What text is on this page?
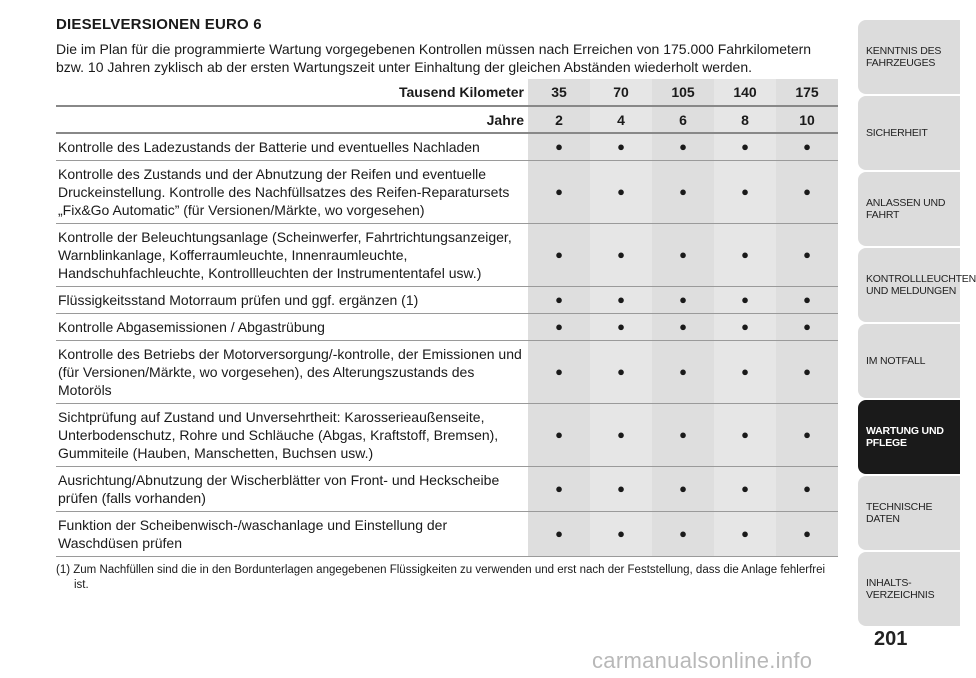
DIESELVERSIONEN EURO 6

Die im Plan für die programmierte Wartung vorgegebenen Kontrollen müssen nach Erreichen von 175.000 Fahrkilometern bzw. 10 Jahren zyklisch ab der ersten Wartungszeit unter Einhaltung der gleichen Abständen wiederholt werden.

Tausend Kilometer	35	70	105	140	175
Jahre	2	4	6	8	10
Kontrolle des Ladezustands der Batterie und eventuelles Nachladen	●	●	●	●	●
Kontrolle des Zustands und der Abnutzung der Reifen und eventuelle Druckeinstellung. Kontrolle des Nachfüllsatzes des Reifen-Reparatursets „Fix&Go Automatic” (für Versionen/Märkte, wo vorgesehen)	●	●	●	●	●
Kontrolle der Beleuchtungsanlage (Scheinwerfer, Fahrtrichtungsanzeiger, Warnblinkanlage, Kofferraumleuchte, Innenraumleuchte, Handschuhfachleuchte, Kontrollleuchten der Instrumententafel usw.)	●	●	●	●	●
Flüssigkeitsstand Motorraum prüfen und ggf. ergänzen (1)	●	●	●	●	●
Kontrolle Abgasemissionen / Abgastrübung	●	●	●	●	●
Kontrolle des Betriebs der Motorversorgung/-kontrolle, der Emissionen und (für Versionen/Märkte, wo vorgesehen), des Alterungszustands des Motoröls	●	●	●	●	●
Sichtprüfung auf Zustand und Unversehrtheit: Karosserieaußenseite, Unterbodenschutz, Rohre und Schläuche (Abgas, Kraftstoff, Bremsen), Gummiteile (Hauben, Manschetten, Buchsen usw.)	●	●	●	●	●
Ausrichtung/Abnutzung der Wischerblätter von Front- und Heckscheibe prüfen (falls vorhanden)	●	●	●	●	●
Funktion der Scheibenwisch-/waschanlage und Einstellung der Waschdüsen prüfen	●	●	●	●	●

(1) Zum Nachfüllen sind die in den Bordunterlagen angegebenen Flüssigkeiten zu verwenden und erst nach der Feststellung, dass die Anlage fehlerfrei ist.

KENNTNIS DES
FAHRZEUGES
SICHERHEIT
ANLASSEN UND
FAHRT
KONTROLLLEUCHTEN
UND MELDUNGEN
IM NOTFALL
WARTUNG UND
PFLEGE
TECHNISCHE DATEN
INHALTS-
VERZEICHNIS
201
carmanualsonline.info
